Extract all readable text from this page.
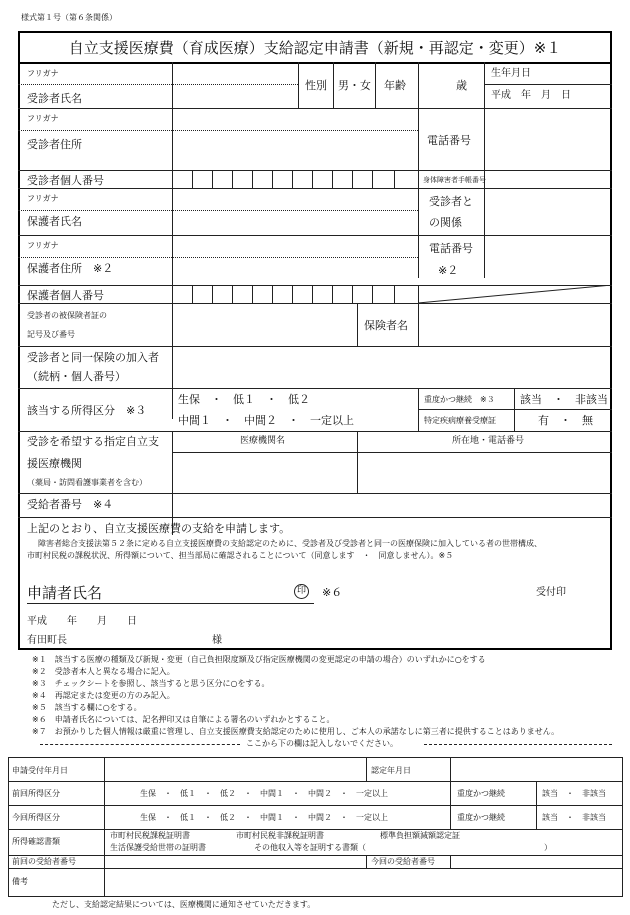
様式第１号（第６条関係）
自立支援医療費（育成医療）支給認定申請書（新規・再認定・変更）※１
フリガナ
受診者氏名
性別 男・女 年齢	歳
生年月日
平成　年　月　日
フリガナ
受診者住所	電話番号
受診者個人番号	身体障害者手帳番号
フリガナ
保護者氏名
受診者と
の関係
フリガナ
保護者住所　※２
電話番号
※２
保護者個人番号
受診者の被保険者証の
記号及び番号
保険者名
受診者と同一保険の加入者
（続柄・個人番号）
該当する所得区分　※３
生保　・　低１　・　低２
中間１　・　中間２　・　一定以上
重度かつ継続　※３ 該当　・　非該当
特定疾病療養受療証	有　・　無
受診を希望する指定自立支
援医療機関
（薬局・訪問看護事業者を含む）
医療機関名	所在地・電話番号
受給者番号　※４
上記のとおり、自立支援医療費の支給を申請します。
障害者総合支援法第５２条に定める自立支援医療費の支給認定のために、受診者及び受診者と同一の医療保険に加入している者の世帯構成、
市町村民税の課税状況、所得額について、担当部局に確認されることについて（同意します　・　同意しません）。※５
申請者氏名	印 ※６	受付印
平成　　年　　月　　日
有田町長	様
※１　該当する医療の種類及び新規・変更（自己負担限度額及び指定医療機関の変更認定の申請の場合）のいずれかに○をする
※２　受診者本人と異なる場合に記入。
※３　チェックシートを参照し、該当すると思う区分に○をする。
※４　再認定または変更の方のみ記入。
※５　該当する欄に○をする。
※６　申請者氏名については、記名押印又は自筆による署名のいずれかとすること。
※７　お預かりした個人情報は厳重に管理し、自立支援医療費支給認定のために使用し、ご本人の承諾なしに第三者に提供することはありません。
ここから下の欄は記入しないでください。
申請受付年月日	認定年月日
前回所得区分	生保　・　低１　・　低２　・　中間１　・　中間２　・　一定以上	重度かつ継続	該当　・　非該当
今回所得区分	生保　・　低１　・　低２　・　中間１　・　中間２　・　一定以上	重度かつ継続	該当　・　非該当
所得確認書類
市町村民税課税証明書	市町村民税非課税証明書	標準負担額減額認定証
生活保護受給世帯の証明書	その他収入等を証明する書類（	）
前回の受給者番号	今回の受給者番号
備考
ただし、支給認定結果については、医療機関に通知させていただきます。
